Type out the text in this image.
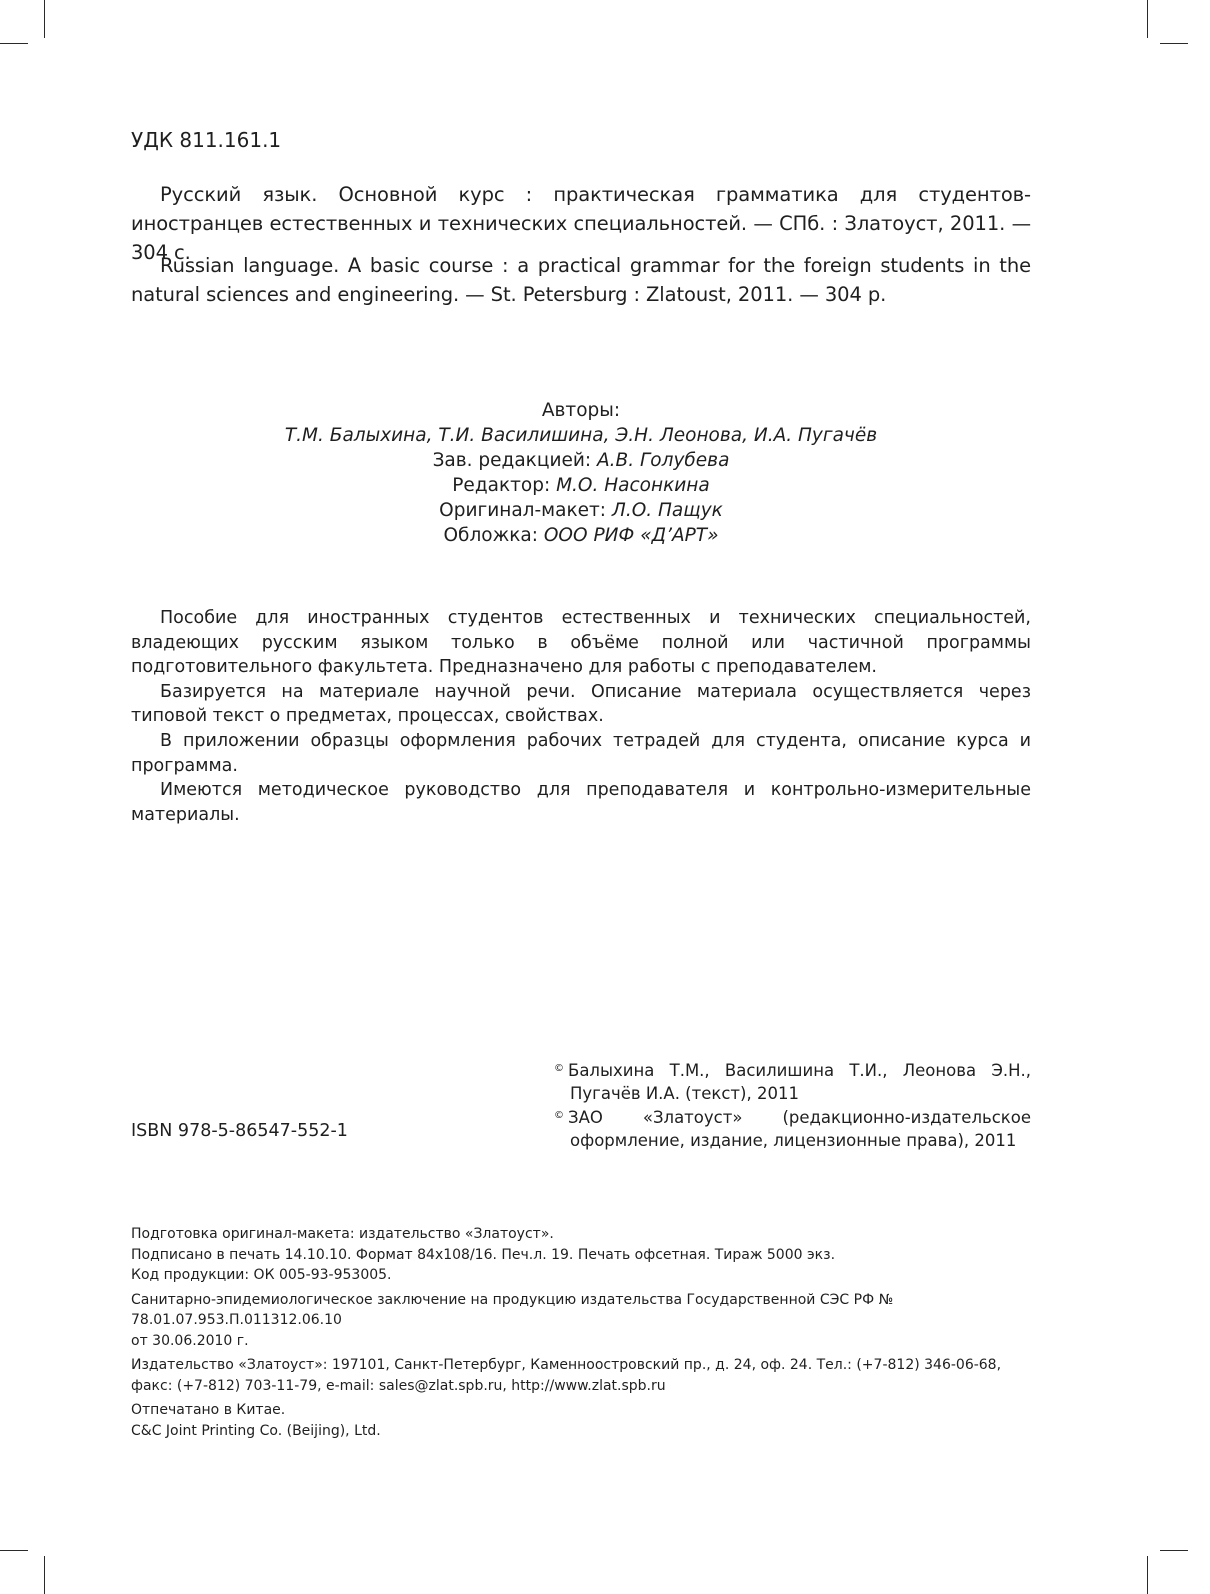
УДК 811.161.1

Русский язык. Основной курс : практическая грамматика для студентов-иностранцев естественных и технических специальностей. — СПб. : Златоуст, 2011. — 304 с.

Russian language. A basic course : a practical grammar for the foreign students in the natural sciences and engineering. — St. Petersburg : Zlatoust, 2011. — 304 p.

Авторы:
Т.М. Балыхина, Т.И. Василишина, Э.Н. Леонова, И.А. Пугачёв
Зав. редакцией: А.В. Голубева
Редактор: М.О. Насонкина
Оригинал-макет: Л.О. Пащук
Обложка: ООО РИФ «Д’АРТ»

Пособие для иностранных студентов естественных и технических специальностей, владеющих русским языком только в объёме полной или частичной программы подготовительного факультета. Предназначено для работы с преподавателем.

Базируется на материале научной речи. Описание материала осуществляется через типовой текст о предметах, процессах, свойствах.

В приложении образцы оформления рабочих тетрадей для студента, описание курса и программа.

Имеются методическое руководство для преподавателя и контрольно-измерительные материалы.

© Балыхина Т.М., Василишина Т.И., Леонова Э.Н., Пугачёв И.А. (текст), 2011

© ЗАО «Златоуст» (редакционно-издательское оформление, издание, лицензионные права), 2011

ISBN 978-5-86547-552-1

Подготовка оригинал-макета: издательство «Златоуст».
Подписано в печать 14.10.10. Формат 84x108/16. Печ.л. 19. Печать офсетная. Тираж 5000 экз.
Код продукции: ОК 005-93-953005.

Санитарно-эпидемиологическое заключение на продукцию издательства Государственной СЭС РФ № 78.01.07.953.П.011312.06.10
от 30.06.2010 г.

Издательство «Златоуст»: 197101, Санкт-Петербург, Каменноостровский пр., д. 24, оф. 24. Тел.: (+7-812) 346-06-68,
факс: (+7-812) 703-11-79, e-mail: sales@zlat.spb.ru, http://www.zlat.spb.ru

Отпечатано в Китае.
C&C Joint Printing Co. (Beijing), Ltd.
